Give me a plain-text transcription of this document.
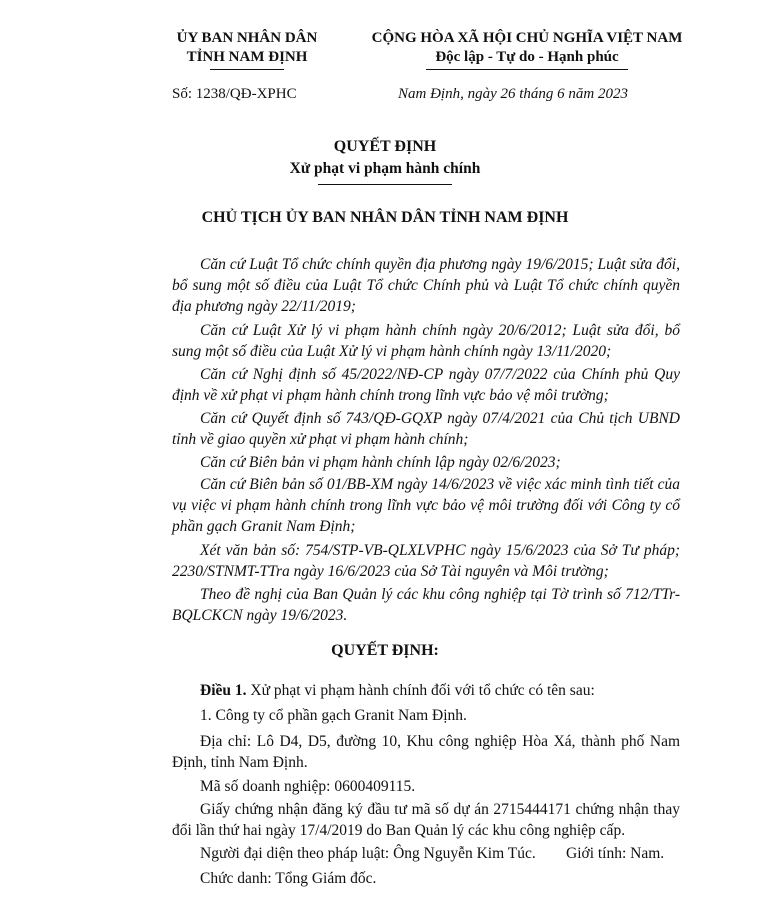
ỦY BAN NHÂN DÂN
TỈNH NAM ĐỊNH
Số: 1238/QĐ-XPHC
CỘNG HÒA XÃ HỘI CHỦ NGHĨA VIỆT NAM
Độc lập - Tự do - Hạnh phúc
Nam Định, ngày 26 tháng 6 năm 2023
QUYẾT ĐỊNH
Xử phạt vi phạm hành chính
CHỦ TỊCH ỦY BAN NHÂN DÂN TỈNH NAM ĐỊNH
Căn cứ Luật Tổ chức chính quyền địa phương ngày 19/6/2015; Luật sửa đổi, bổ sung một số điều của Luật Tổ chức Chính phủ và Luật Tổ chức chính quyền địa phương ngày 22/11/2019;
Căn cứ Luật Xử lý vi phạm hành chính ngày 20/6/2012; Luật sửa đổi, bổ sung một số điều của Luật Xử lý vi phạm hành chính ngày 13/11/2020;
Căn cứ Nghị định số 45/2022/NĐ-CP ngày 07/7/2022 của Chính phủ Quy định về xử phạt vi phạm hành chính trong lĩnh vực bảo vệ môi trường;
Căn cứ Quyết định số 743/QĐ-GQXP ngày 07/4/2021 của Chủ tịch UBND tỉnh về giao quyền xử phạt vi phạm hành chính;
Căn cứ Biên bản vi phạm hành chính lập ngày 02/6/2023;
Căn cứ Biên bản số 01/BB-XM ngày 14/6/2023 về việc xác minh tình tiết của vụ việc vi phạm hành chính trong lĩnh vực bảo vệ môi trường đối với Công ty cổ phần gạch Granit Nam Định;
Xét văn bản số: 754/STP-VB-QLXLVPHC ngày 15/6/2023 của Sở Tư pháp; 2230/STNMT-TTra ngày 16/6/2023 của Sở Tài nguyên và Môi trường;
Theo đề nghị của Ban Quản lý các khu công nghiệp tại Tờ trình số 712/TTr- BQLCKCN ngày 19/6/2023.
QUYẾT ĐỊNH:
Điều 1. Xử phạt vi phạm hành chính đối với tổ chức có tên sau:
1. Công ty cổ phần gạch Granit Nam Định.
Địa chỉ: Lô D4, D5, đường 10, Khu công nghiệp Hòa Xá, thành phố Nam Định, tỉnh Nam Định.
Mã số doanh nghiệp: 0600409115.
Giấy chứng nhận đăng ký đầu tư mã số dự án 2715444171 chứng nhận thay đổi lần thứ hai ngày 17/4/2019 do Ban Quản lý các khu công nghiệp cấp.
Người đại diện theo pháp luật: Ông Nguyễn Kim Túc. Giới tính: Nam.
Chức danh: Tổng Giám đốc.
